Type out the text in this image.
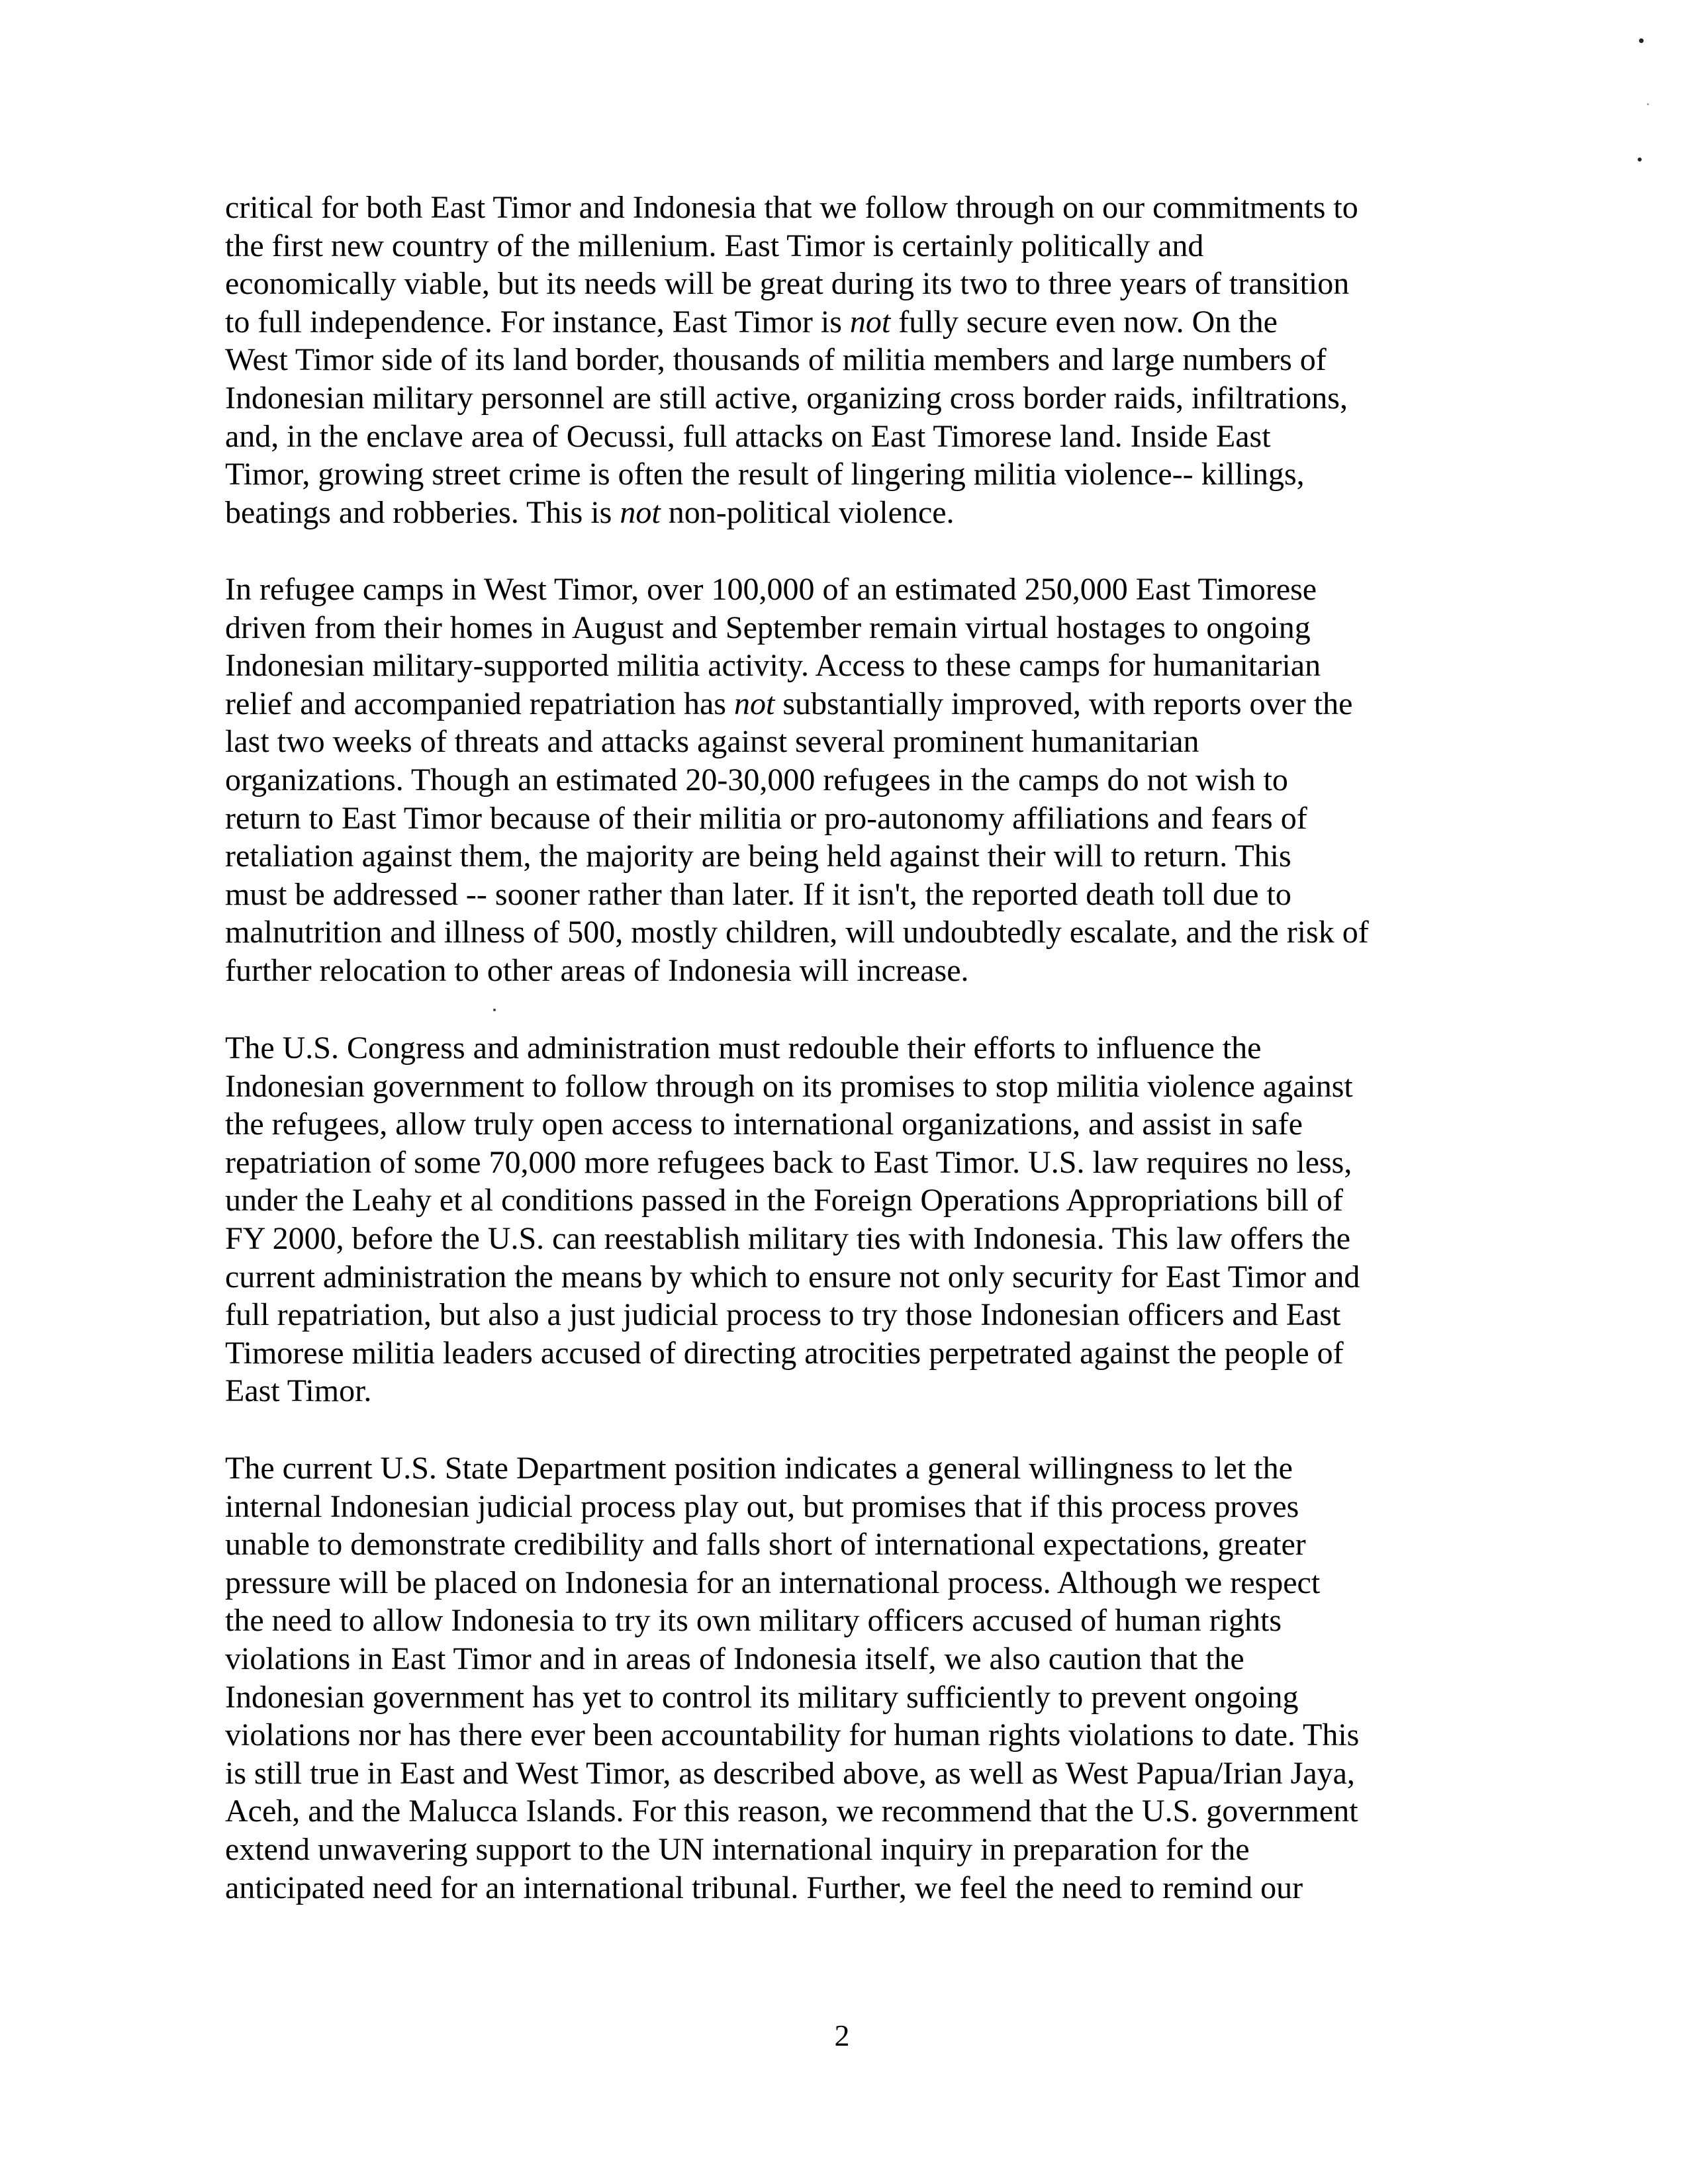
critical for both East Timor and Indonesia that we follow through on our commitments to

the first new country of the millenium. East Timor is certainly politically and

economically viable, but its needs will be great during its two to three years of transition

to full independence. For instance, East Timor is not fully secure even now. On the

West Timor side of its land border, thousands of militia members and large numbers of

Indonesian military personnel are still active, organizing cross border raids, infiltrations,

and, in the enclave area of Oecussi, full attacks on East Timorese land. Inside East

Timor, growing street crime is often the result of lingering militia violence-- killings,

beatings and robberies. This is not non-political violence.

In refugee camps in West Timor, over 100,000 of an estimated 250,000 East Timorese

driven from their homes in August and September remain virtual hostages to ongoing

Indonesian military-supported militia activity. Access to these camps for humanitarian

relief and accompanied repatriation has not substantially improved, with reports over the

last two weeks of threats and attacks against several prominent humanitarian

organizations. Though an estimated 20-30,000 refugees in the camps do not wish to

return to East Timor because of their militia or pro-autonomy affiliations and fears of

retaliation against them, the majority are being held against their will to return. This

must be addressed -- sooner rather than later. If it isn't, the reported death toll due to

malnutrition and illness of 500, mostly children, will undoubtedly escalate, and the risk of

further relocation to other areas of Indonesia will increase.

The U.S. Congress and administration must redouble their efforts to influence the

Indonesian government to follow through on its promises to stop militia violence against

the refugees, allow truly open access to international organizations, and assist in safe

repatriation of some 70,000 more refugees back to East Timor. U.S. law requires no less,

under the Leahy et al conditions passed in the Foreign Operations Appropriations bill of

FY 2000, before the U.S. can reestablish military ties with Indonesia. This law offers the

current administration the means by which to ensure not only security for East Timor and

full repatriation, but also a just judicial process to try those Indonesian officers and East

Timorese militia leaders accused of directing atrocities perpetrated against the people of

East Timor.

The current U.S. State Department position indicates a general willingness to let the

internal Indonesian judicial process play out, but promises that if this process proves

unable to demonstrate credibility and falls short of international expectations, greater

pressure will be placed on Indonesia for an international process. Although we respect

the need to allow Indonesia to try its own military officers accused of human rights

violations in East Timor and in areas of Indonesia itself, we also caution that the

Indonesian government has yet to control its military sufficiently to prevent ongoing

violations nor has there ever been accountability for human rights violations to date. This

is still true in East and West Timor, as described above, as well as West Papua/Irian Jaya,

Aceh, and the Malucca Islands. For this reason, we recommend that the U.S. government

extend unwavering support to the UN international inquiry in preparation for the

anticipated need for an international tribunal. Further, we feel the need to remind our

2
